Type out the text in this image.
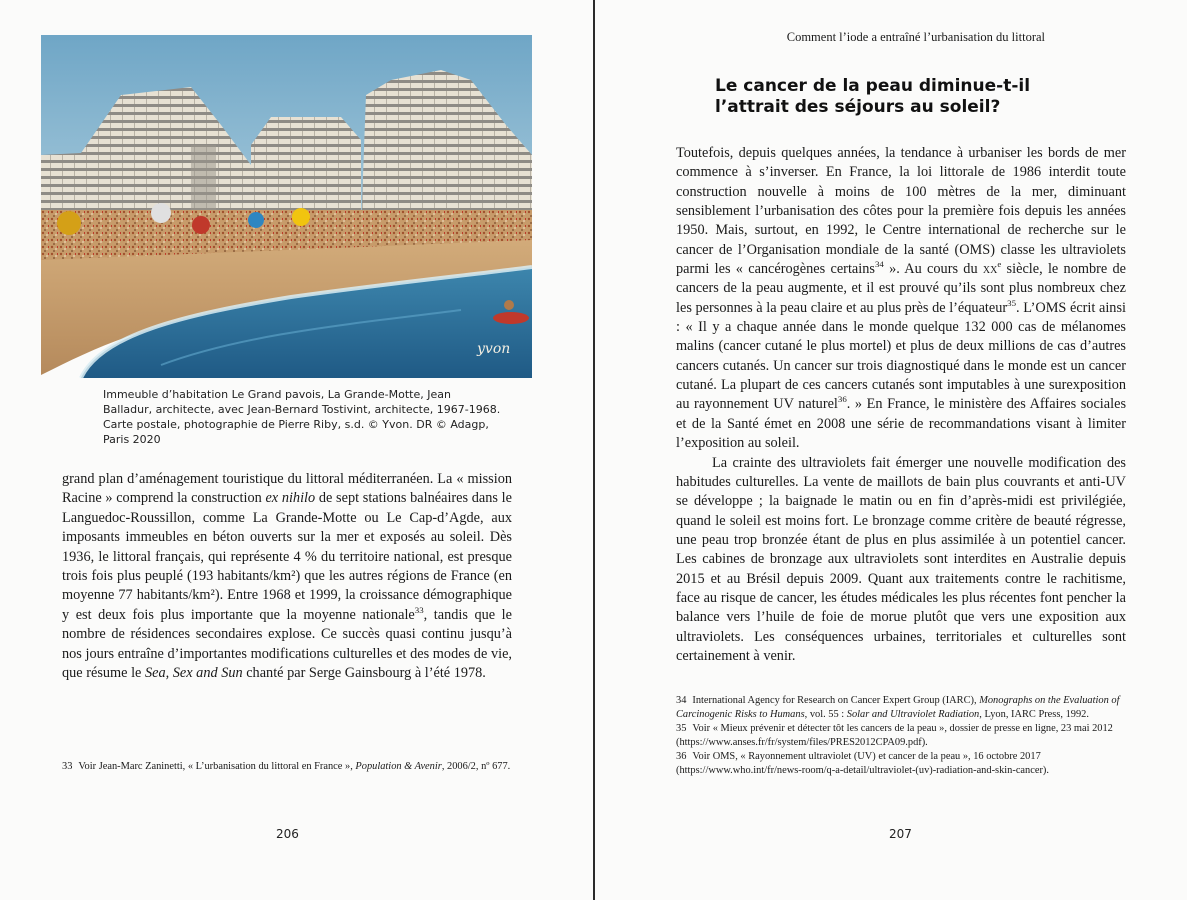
yvon
Immeuble d’habitation Le Grand pavois, La Grande-Motte, Jean
Balladur, architecte, avec Jean-Bernard Tostivint, architecte, 1967-1968.
Carte postale, photographie de Pierre Riby, s.d. © Yvon. DR © Adagp,
Paris 2020

grand plan d’aménagement touristique du littoral méditerranéen. La « mission Racine » comprend la construction ex nihilo de sept stations balnéaires dans le Languedoc-Roussillon, comme La Grande-Motte ou Le Cap-d’Agde, aux imposants immeubles en béton ouverts sur la mer et exposés au soleil. Dès 1936, le littoral français, qui représente 4 % du territoire national, est presque trois fois plus peuplé (193 habitants/km²) que les autres régions de France (en moyenne 77 habitants/km²). Entre 1968 et 1999, la croissance démographique y est deux fois plus importante que la moyenne nationale$^{33}$, tandis que le nombre de résidences secondaires explose. Ce succès quasi continu jusqu’à nos jours entraîne d’importantes modifications culturelles et des modes de vie, que résume le Sea, Sex and Sun chanté par Serge Gainsbourg à l’été 1978.

33 Voir Jean-Marc Zaninetti, « L’urbanisation du littoral en France », Population & Avenir, 2006/2, nº 677.

206
Comment l’iode a entraîné l’urbanisation du littoral
Le cancer de la peau diminue-t-il
l’attrait des séjours au soleil?

Toutefois, depuis quelques années, la tendance à urbaniser les bords de mer commence à s’inverser. En France, la loi littorale de 1986 interdit toute construction nouvelle à moins de 100 mètres de la mer, diminuant sensiblement l’urbanisation des côtes pour la première fois depuis les années 1950. Mais, surtout, en 1992, le Centre international de recherche sur le cancer de l’Organisation mondiale de la santé (OMS) classe les ultraviolets parmi les « cancérogènes certains$^{34}$ ». Au cours du $xx^e$ siècle, le nombre de cancers de la peau augmente, et il est prouvé qu’ils sont plus nombreux chez les personnes à la peau claire et au plus près de l’équateur$^{35}$. L’OMS écrit ainsi : « Il y a chaque année dans le monde quelque 132 000 cas de mélanomes malins (cancer cutané le plus mortel) et plus de deux millions de cas d’autres cancers cutanés. Un cancer sur trois diagnostiqué dans le monde est un cancer cutané. La plupart de ces cancers cutanés sont imputables à une surexposition au rayonnement UV naturel$^{36}$. » En France, le ministère des Affaires sociales et de la Santé émet en 2008 une série de recommandations visant à limiter l’exposition au soleil.

La crainte des ultraviolets fait émerger une nouvelle modification des habitudes culturelles. La vente de maillots de bain plus couvrants et anti-UV se développe ; la baignade le matin ou en fin d’après-midi est privilégiée, quand le soleil est moins fort. Le bronzage comme critère de beauté régresse, une peau trop bronzée étant de plus en plus assimilée à un potentiel cancer. Les cabines de bronzage aux ultraviolets sont interdites en Australie depuis 2015 et au Brésil depuis 2009. Quant aux traitements contre le rachitisme, face au risque de cancer, les études médicales les plus récentes font pencher la balance vers l’huile de foie de morue plutôt que vers une exposition aux ultraviolets. Les conséquences urbaines, territoriales et culturelles sont certainement à venir.

34 International Agency for Research on Cancer Expert Group (IARC), Monographs on the Evaluation of Carcinogenic Risks to Humans, vol. 55 : Solar and Ultraviolet Radiation, Lyon, IARC Press, 1992.

35 Voir « Mieux prévenir et détecter tôt les cancers de la peau », dossier de presse en ligne, 23 mai 2012 (https://www.anses.fr/fr/system/files/PRES2012CPA09.pdf).

36 Voir OMS, « Rayonnement ultraviolet (UV) et cancer de la peau », 16 octobre 2017 (https://www.who.int/fr/news-room/q-a-detail/ultraviolet-(uv)-radiation-and-skin-cancer).

207
